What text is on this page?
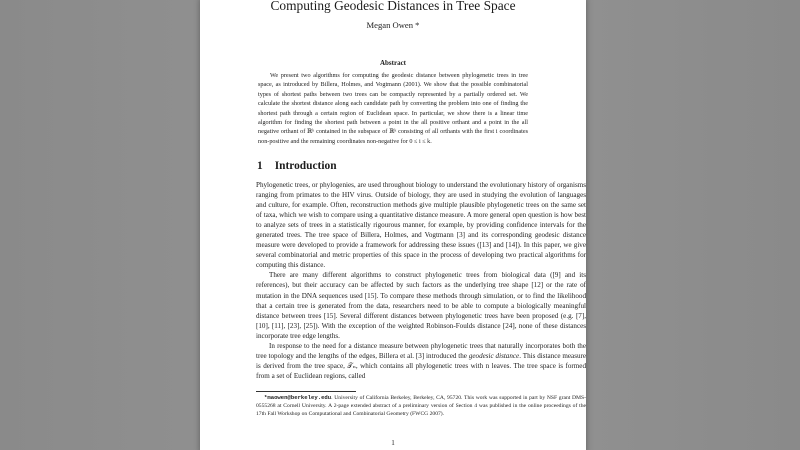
Computing Geodesic Distances in Tree Space
Megan Owen *
Abstract

We present two algorithms for computing the geodesic distance between phylogenetic trees in tree space, as introduced by Billera, Holmes, and Vogtmann (2001). We show that the possible combinatorial types of shortest paths between two trees can be compactly represented by a partially ordered set. We calculate the shortest distance along each candidate path by converting the problem into one of finding the shortest path through a certain region of Euclidean space. In particular, we show there is a linear time algorithm for finding the shortest path between a point in the all positive orthant and a point in the all negative orthant of ℝᵏ contained in the subspace of ℝᵏ consisting of all orthants with the first i coordinates non-positive and the remaining coordinates non-negative for 0 ≤ i ≤ k.

1 Introduction

Phylogenetic trees, or phylogenies, are used throughout biology to understand the evolutionary history of organisms ranging from primates to the HIV virus. Outside of biology, they are used in studying the evolution of languages and culture, for example. Often, reconstruction methods give multiple plausible phylogenetic trees on the same set of taxa, which we wish to compare using a quantitative distance measure. A more general open question is how best to analyze sets of trees in a statistically rigourous manner, for example, by providing confidence intervals for the generated trees. The tree space of Billera, Holmes, and Vogtmann [3] and its corresponding geodesic distance measure were developed to provide a framework for addressing these issues ([13] and [14]). In this paper, we give several combinatorial and metric properties of this space in the process of developing two practical algorithms for computing this distance.

There are many different algorithms to construct phylogenetic trees from biological data ([9] and its references), but their accuracy can be affected by such factors as the underlying tree shape [12] or the rate of mutation in the DNA sequences used [15]. To compare these methods through simulation, or to find the likelihood that a certain tree is generated from the data, researchers need to be able to compute a biologically meaningful distance between trees [15]. Several different distances between phylogenetic trees have been proposed (e.g. [7], [10], [11], [23], [25]). With the exception of the weighted Robinson-Foulds distance [24], none of these distances incorporate tree edge lengths.

In response to the need for a distance measure between phylogenetic trees that naturally incorporates both the tree topology and the lengths of the edges, Billera et al. [3] introduced the geodesic distance. This distance measure is derived from the tree space, 𝒯ₙ, which contains all phylogenetic trees with n leaves. The tree space is formed from a set of Euclidean regions, called

*maowen@berkeley.edu. University of California Berkeley, Berkeley, CA, 95720. This work was supported in part by NSF grant DMS-0555268 at Cornell University. A 2-page extended abstract of a preliminary version of Section 4 was published in the online proceedings of the 17th Fall Workshop on Computational and Combinatorial Geometry (FWCG 2007).
1
